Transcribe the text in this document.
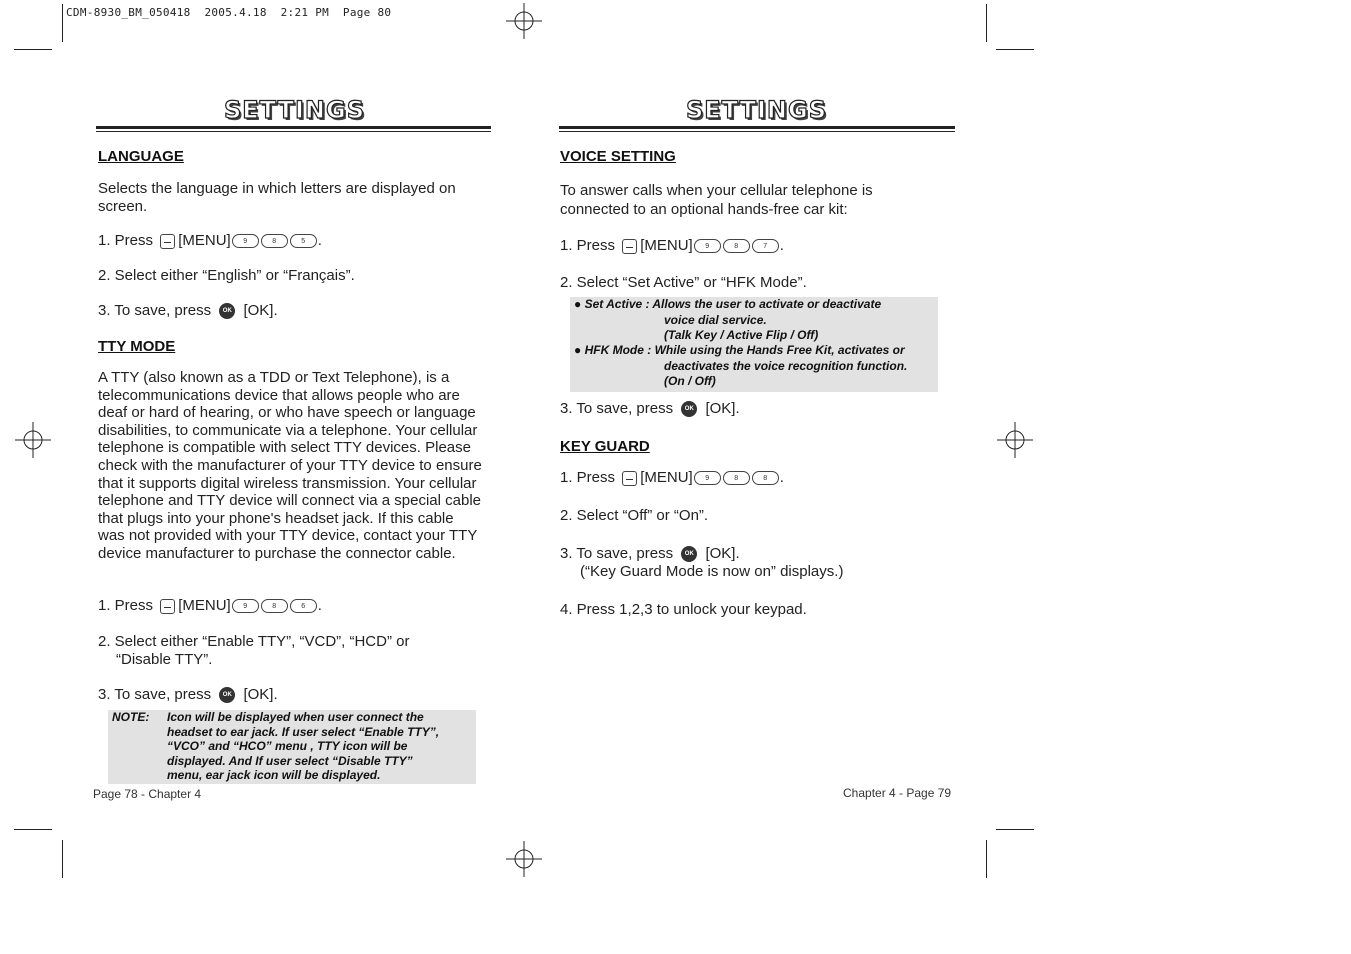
CDM-8930_BM_050418  2005.4.18  2:21 PM  Page 80
SETTINGS
LANGUAGE
Selects the language in which letters are displayed on screen.
1. Press [MENU] 9	8	5 .
2. Select either “English” or “Français”.
3. To save, press OK [OK].
TTY MODE
A TTY (also known as a TDD or Text Telephone), is a telecommunications device that allows people who are deaf or hard of hearing, or who have speech or language disabilities, to communicate via a telephone. Your cellular telephone is compatible with select TTY devices. Please check with the manufacturer of your TTY device to ensure that it supports digital wireless transmission. Your cellular telephone and TTY device will connect via a special cable that plugs into your phone's headset jack. If this cable was not provided with your TTY device, contact your TTY device manufacturer to purchase the connector cable.
1. Press [MENU] 9	8	6 .
2. Select either “Enable TTY”, “VCD”, “HCD” or
“Disable TTY”.
3. To save, press OK [OK].
NOTE: Icon will be displayed when user connect the
headset to ear jack. If user select “Enable TTY”,
“VCO” and “HCO” menu , TTY icon will be
displayed. And If user select “Disable TTY”
menu, ear jack icon will be displayed.
Page 78 - Chapter 4
SETTINGS
VOICE SETTING
To answer calls when your cellular telephone is connected to an optional hands-free car kit:
1. Press [MENU] 9	8	7 .
2. Select “Set Active” or “HFK Mode”.
● Set Active : Allows the user to activate or deactivate
voice dial service.
(Talk Key / Active Flip / Off)
● HFK Mode : While using the Hands Free Kit, activates or
deactivates the voice recognition function.
(On / Off)
3. To save, press OK [OK].
KEY GUARD
1. Press [MENU] 9	8	8 .
2. Select “Off” or “On”.
3. To save, press OK [OK].
(“Key Guard Mode is now on” displays.)
4. Press 1,2,3 to unlock your keypad.
Chapter 4 - Page 79
